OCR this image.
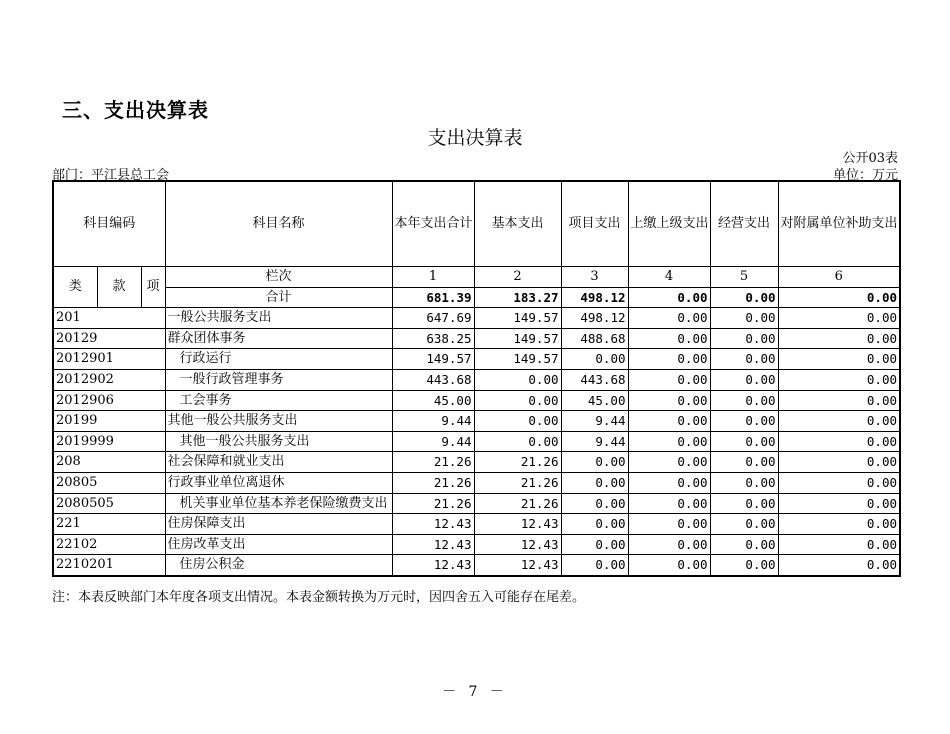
三、支出决算表
支出决算表
公开03表
部门：平江县总工会	单位：万元
科目编码			科目名称	本年支出合计	基本支出	项目支出	上缴上级支出	经营支出	对附属单位补助支出
类	款	项	栏次	1	2	3	4	5	6
			合计	681.39	183.27	498.12	0.00	0.00	0.00
201			一般公共服务支出	647.69	149.57	498.12	0.00	0.00	0.00
20129			群众团体事务	638.25	149.57	488.68	0.00	0.00	0.00
2012901			行政运行	149.57	149.57	0.00	0.00	0.00	0.00
2012902			一般行政管理事务	443.68	0.00	443.68	0.00	0.00	0.00
2012906			工会事务	45.00	0.00	45.00	0.00	0.00	0.00
20199			其他一般公共服务支出	9.44	0.00	9.44	0.00	0.00	0.00
2019999			其他一般公共服务支出	9.44	0.00	9.44	0.00	0.00	0.00
208			社会保障和就业支出	21.26	21.26	0.00	0.00	0.00	0.00
20805			行政事业单位离退休	21.26	21.26	0.00	0.00	0.00	0.00
2080505			机关事业单位基本养老保险缴费支出	21.26	21.26	0.00	0.00	0.00	0.00
221			住房保障支出	12.43	12.43	0.00	0.00	0.00	0.00
22102			住房改革支出	12.43	12.43	0.00	0.00	0.00	0.00
2210201			住房公积金	12.43	12.43	0.00	0.00	0.00	0.00
注：本表反映部门本年度各项支出情况。本表金额转换为万元时，因四舍五入可能存在尾差。
－ 7 －
